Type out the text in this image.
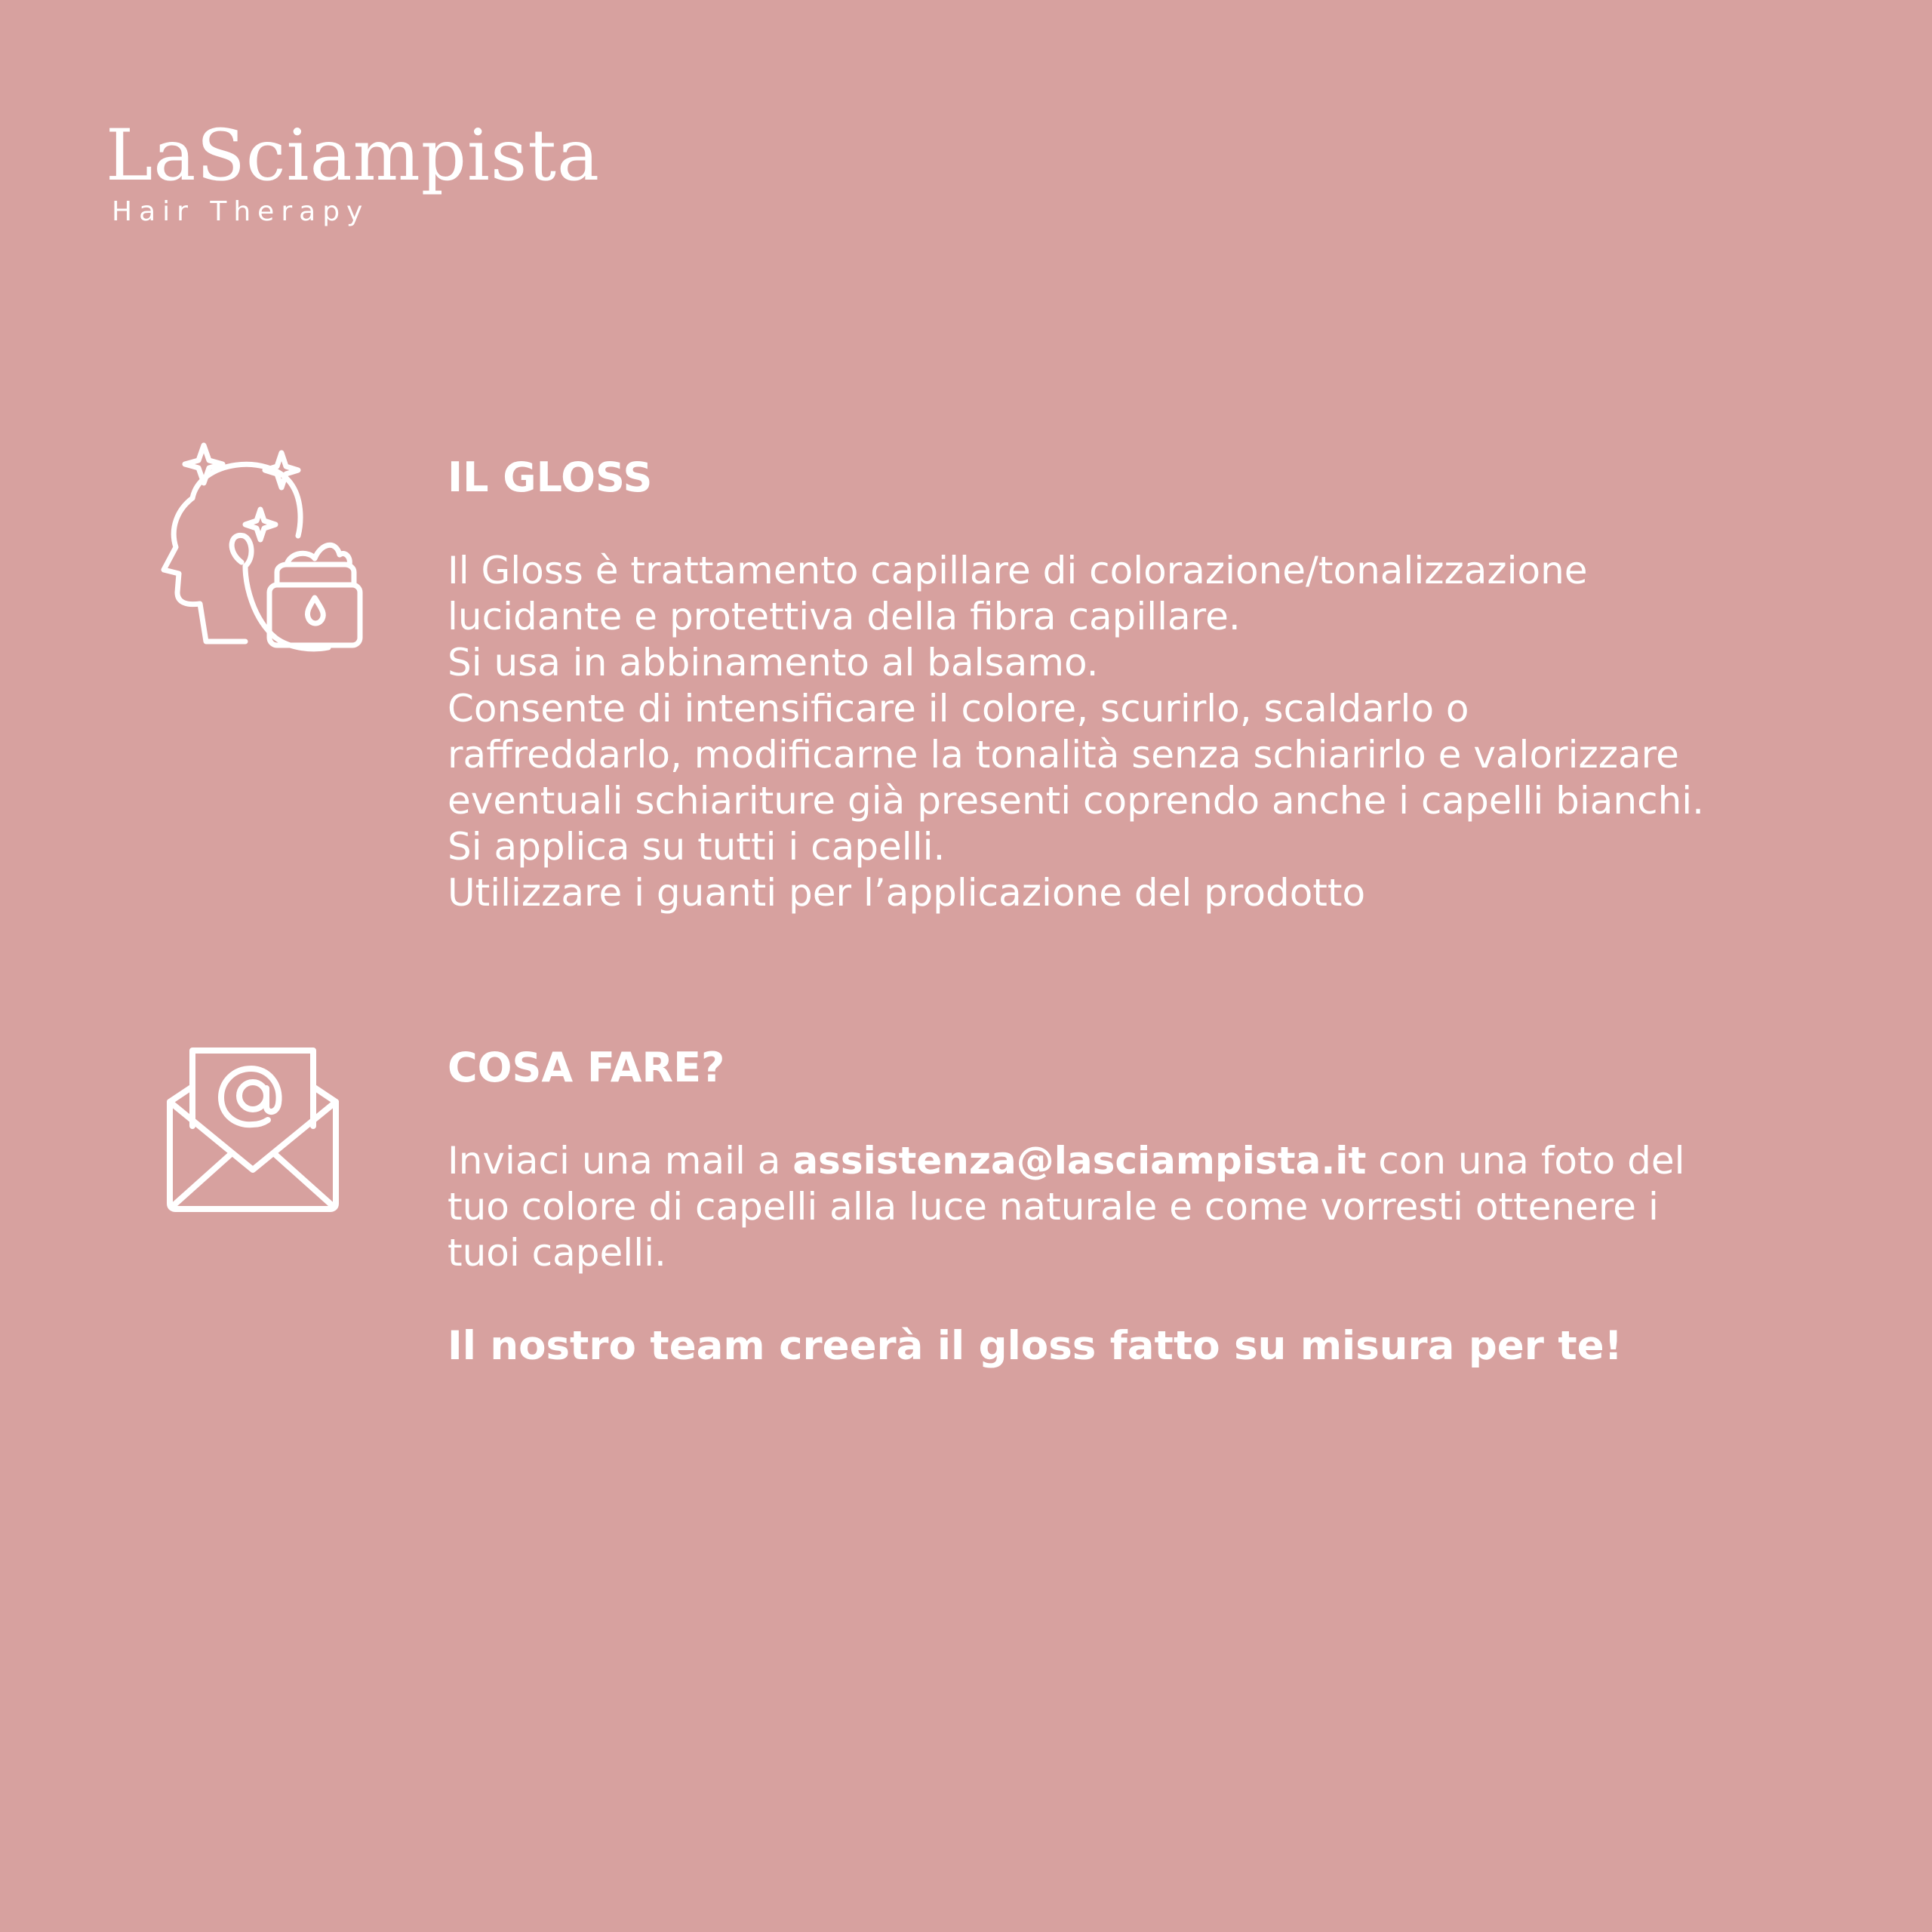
LaSciampista
Hair Therapy
IL GLOSS
Il Gloss è trattamento capillare di colorazione/tonalizzazione
lucidante e protettiva della fibra capillare.
Si usa in abbinamento al balsamo.
Consente di intensificare il colore, scurirlo, scaldarlo o
raffreddarlo, modificarne la tonalità senza schiarirlo e valorizzare
eventuali schiariture già presenti coprendo anche i capelli bianchi.
Si applica su tutti i capelli.
Utilizzare i guanti per l’applicazione del prodotto
COSA FARE?
Inviaci una mail a assistenza@lasciampista.it con una foto del
tuo colore di capelli alla luce naturale e come vorresti ottenere i
tuoi capelli.
Il nostro team creerà il gloss fatto su misura per te!
